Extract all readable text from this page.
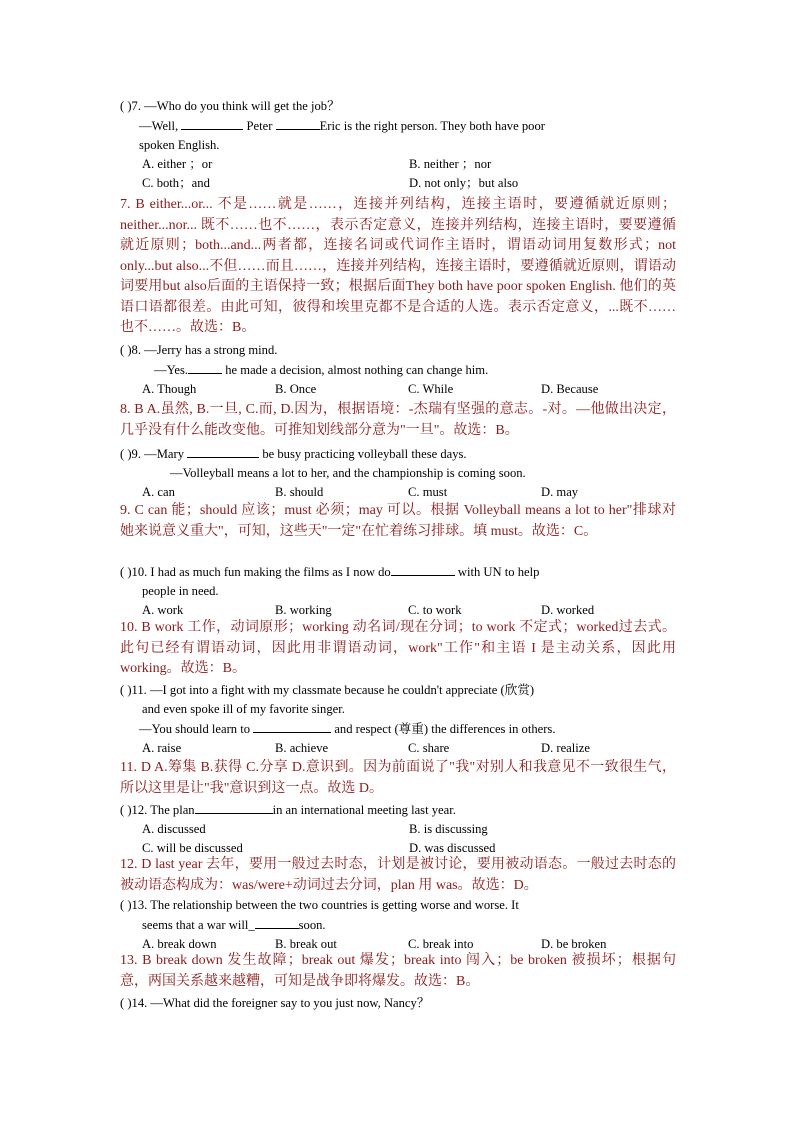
( )7. —Who do you think will get the job？
—Well,	Peter	Eric is the right person. They both have poor
spoken English.
A. either ；or	B. neither ；nor
C. both；and	D. not only；but also
7. B either...or... 不是……就是……，连接并列结构，连接主语时，要遵循就近原则；neither...nor... 既不……也不……，表示否定意义，连接并列结构，连接主语时，要要遵循就近原则；both...and...两者都，连接名词或代词作主语时，谓语动词用复数形式；not only...but also...不但……而且……，连接并列结构，连接主语时，要遵循就近原则，谓语动词要用but also后面的主语保持一致；根据后面They both have poor spoken English. 他们的英语口语都很差。由此可知，彼得和埃里克都不是合适的人选。表示否定意义，...既不……也不……。故选：B。
( )8. —Jerry has a strong mind.
—Yes.	he made a decision, almost nothing can change him.
A. Though	B. Once	C. While	D. Because
8. B A.虽然, B.一旦, C.而, D.因为，根据语境：-杰瑞有坚强的意志。-对。—他做出决定，几乎没有什么能改变他。可推知划线部分意为"一旦"。故选：B。
( )9. —Mary	be busy practicing volleyball these days.
—Volleyball means a lot to her, and the championship is coming soon.
A. can	B. should	C. must	D. may
9. C can 能；should 应该；must 必须；may 可以。根据 Volleyball means a lot to her"排球对她来说意义重大"，可知，这些天"一定"在忙着练习排球。填 must。故选：C。
( )10. I had as much fun making the films as I now do	with UN to help
people in need.
A. work	B. working	C. to work	D. worked
10. B work 工作，动词原形；working 动名词/现在分词；to work 不定式；worked过去式。此句已经有谓语动词，因此用非谓语动词，work"工作"和主语 I 是主动关系，因此用 working。故选：B。
( )11. —I got into a fight with my classmate because he couldn't appreciate (欣赏)
and even spoke ill of my favorite singer.
—You should learn to	and respect (尊重) the differences in others.
A. raise	B. achieve	C. share	D. realize
11. D A.筹集 B.获得 C.分享 D.意识到。因为前面说了"我"对别人和我意见不一致很生气，所以这里是让"我"意识到这一点。故选 D。
( )12. The plan	in an international meeting last year.
A. discussed	B. is discussing
C. will be discussed	D. was discussed
12. D last year 去年，要用一般过去时态，计划是被讨论，要用被动语态。一般过去时态的被动语态构成为：was/were+动词过去分词，plan 用 was。故选：D。
( )13. The relationship between the two countries is getting worse and worse. It
seems that a war will_	soon.
A. break down	B. break out	C. break into	D. be broken
13. B break down 发生故障；break out 爆发；break into 闯入；be broken 被损坏；根据句意，两国关系越来越糟，可知是战争即将爆发。故选：B。
( )14. —What did the foreigner say to you just now, Nancy？
